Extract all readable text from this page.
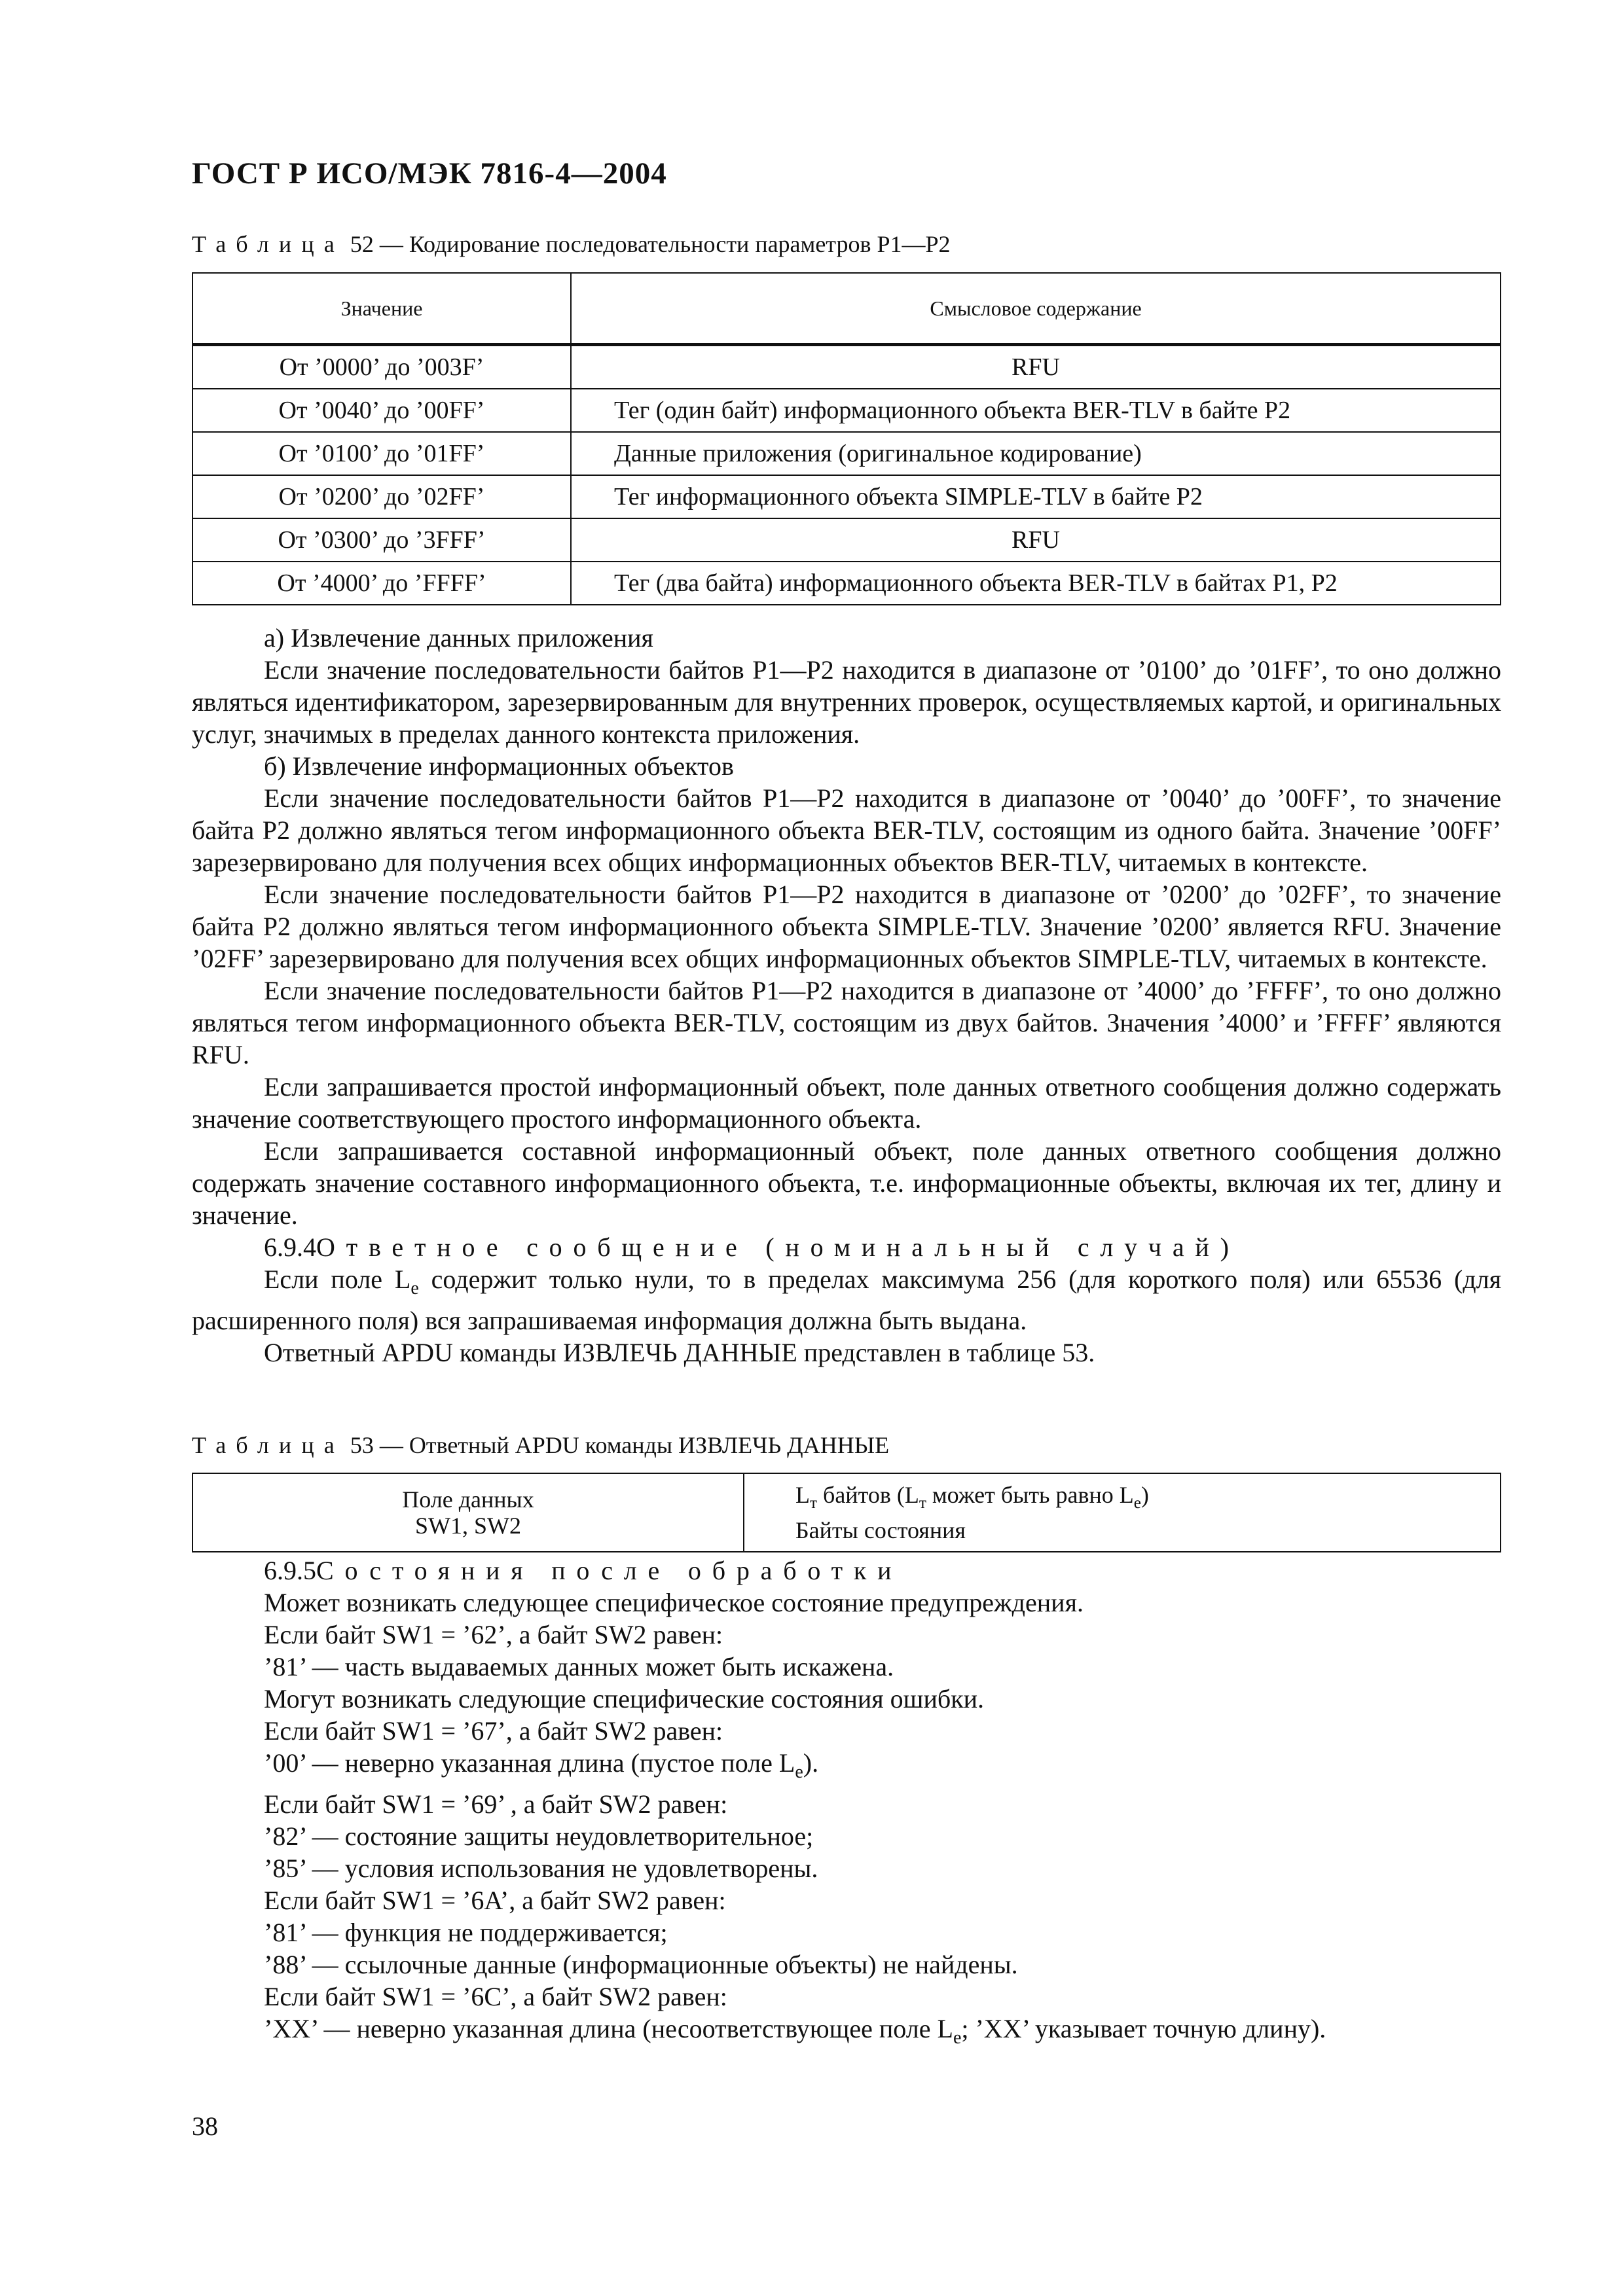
ГОСТ Р ИСО/МЭК 7816-4—2004
Таблица 52 — Кодирование последовательности параметров P1—P2
Значение	Смысловое содержание
От ’0000’ до ’003F’	RFU
От ’0040’ до ’00FF’	Тег (один байт) информационного объекта BER-TLV в байте P2
От ’0100’ до ’01FF’	Данные приложения (оригинальное кодирование)
От ’0200’ до ’02FF’	Тег информационного объекта SIMPLE-TLV в байте P2
От ’0300’ до ’3FFF’	RFU
От ’4000’ до ’FFFF’	Тег (два байта) информационного объекта BER-TLV в байтах P1, P2

а) Извлечение данных приложения

Если значение последовательности байтов P1—P2 находится в диапазоне от ’0100’ до ’01FF’, то оно должно являться идентификатором, зарезервированным для внутренних проверок, осуществляемых картой, и оригинальных услуг, значимых в пределах данного контекста приложения.

б) Извлечение информационных объектов

Если значение последовательности байтов P1—P2 находится в диапазоне от ’0040’ до ’00FF’, то значение байта P2 должно являться тегом информационного объекта BER-TLV, состоящим из одного байта. Значение ’00FF’ зарезервировано для получения всех общих информационных объектов BER-TLV, читаемых в контексте.

Если значение последовательности байтов P1—P2 находится в диапазоне от ’0200’ до ’02FF’, то значение байта P2 должно являться тегом информационного объекта SIMPLE-TLV. Значение ’0200’ является RFU. Значение ’02FF’ зарезервировано для получения всех общих информационных объектов SIMPLE-TLV, читаемых в контексте.

Если значение последовательности байтов P1—P2 находится в диапазоне от ’4000’ до ’FFFF’, то оно должно являться тегом информационного объекта BER-TLV, состоящим из двух байтов. Значения ’4000’ и ’FFFF’ являются RFU.

Если запрашивается простой информационный объект, поле данных ответного сообщения должно содержать значение соответствующего простого информационного объекта.

Если запрашивается составной информационный объект, поле данных ответного сообщения должно содержать значение составного информационного объекта, т.е. информационные объекты, включая их тег, длину и значение.

6.9.4Ответное сообщение (номинальный случай)

Если поле $L_e$ содержит только нули, то в пределах максимума 256 (для короткого поля) или 65536 (для расширенного поля) вся запрашиваемая информация должна быть выдана.

Ответный APDU команды ИЗВЛЕЧЬ ДАННЫЕ представлен в таблице 53.

Таблица 53 — Ответный APDU команды ИЗВЛЕЧЬ ДАННЫЕ
Поле данных
SW1, SW2	$L_т$ байтов ($L_т$ может быть равно $L_e$)
Байты состояния

6.9.5Состояния после обработки

Может возникать следующее специфическое состояние предупреждения.

Если байт SW1 = ’62’, а байт SW2 равен:

’81’ — часть выдаваемых данных может быть искажена.

Могут возникать следующие специфические состояния ошибки.

Если байт SW1 = ’67’, а байт SW2 равен:

’00’ — неверно указанная длина (пустое поле $L_e$).

Если байт SW1 = ’69’ , а байт SW2 равен:

’82’ — состояние защиты неудовлетворительное;

’85’ — условия использования не удовлетворены.

Если байт SW1 = ’6A’, а байт SW2 равен:

’81’ — функция не поддерживается;

’88’ — ссылочные данные (информационные объекты) не найдены.

Если байт SW1 = ’6C’, а байт SW2 равен:

’XX’ — неверно указанная длина (несоответствующее поле $L_e$; ’XX’ указывает точную длину).

38
